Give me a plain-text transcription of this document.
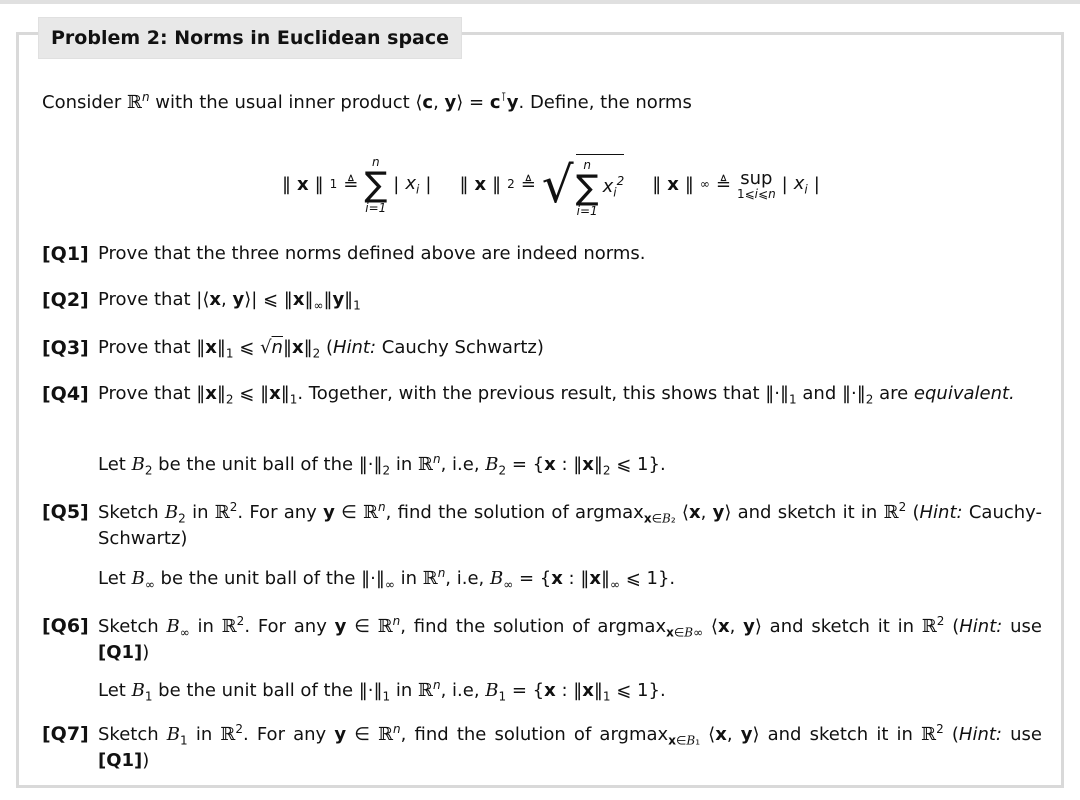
Problem 2: Norms in Euclidean space
Consider ℝ$^n$ with the usual inner product ⟨c, y⟩ = c⊺y. Define, the norms
‖ x ‖ 1 ≜
n
∑
i=1
| $x_i$ | ‖ x ‖ 2 ≜ √ n
∑
i=1
$x_i^2$ ‖ x ‖ ∞ ≜ sup
1⩽i⩽n | $x_i$ |
[Q1] Prove that the three norms defined above are indeed norms.
[Q2] Prove that |⟨x, y⟩| ⩽ $‖x‖_\infty‖y‖_1$
[Q3] Prove that $‖x‖_1$ ⩽ $√n‖x‖_2$ (Hint: Cauchy Schwartz)
[Q4] Prove that $‖x‖_2$ ⩽ $‖x‖_1$. Together, with the previous result, this shows that $‖\cdot‖_1$ and $‖\cdot‖_2$ are equivalent.
Let $B_2$ be the unit ball of the $‖\cdot‖_2$ in ℝ$^n$, i.e, $B_2 = \{x$ : $‖x‖_2$ ⩽ 1}.
[Q5] Sketch $B_2$ in ℝ$^2$. For any y ∈ ℝ$^n$, find the solution of argmax$_{x\in B_2}$ ⟨x, y⟩ and sketch it in ℝ$^2$ (Hint: Cauchy-Schwartz)
Let $B_\infty$ be the unit ball of the $‖\cdot‖_\infty$ in ℝ$^n$, i.e, $B_\infty = \{x$ : $‖x‖_\infty$ ⩽ 1}.
[Q6] Sketch $B_\infty$ in ℝ$^2$. For any y ∈ ℝ$^n$, find the solution of argmax$_{x\in B\infty}$ ⟨x, y⟩ and sketch it in ℝ$^2$ (Hint: use [Q1])
Let $B_1$ be the unit ball of the $‖\cdot‖_1$ in ℝ$^n$, i.e, $B_1 = \{x$ : $‖x‖_1$ ⩽ 1}.
[Q7] Sketch $B_1$ in ℝ$^2$. For any y ∈ ℝ$^n$, find the solution of argmax$_{x\in B_1}$ ⟨x, y⟩ and sketch it in ℝ$^2$ (Hint: use [Q1])
